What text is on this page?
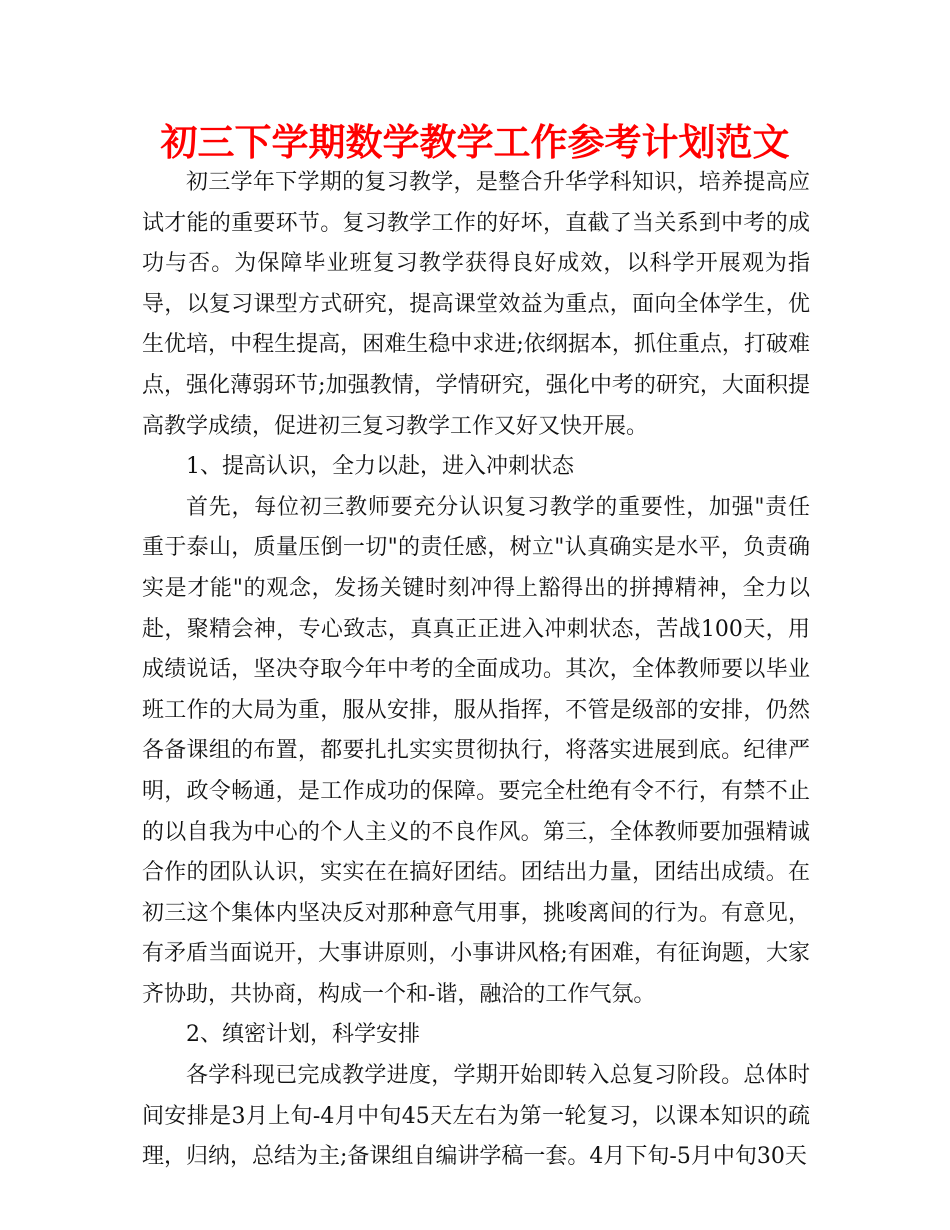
初三下学期数学教学工作参考计划范文

初三学年下学期的复习教学，是整合升华学科知识，培养提高应试才能的重要环节。复习教学工作的好坏，直截了当关系到中考的成功与否。为保障毕业班复习教学获得良好成效，以科学开展观为指导，以复习课型方式研究，提高课堂效益为重点，面向全体学生，优生优培，中程生提高，困难生稳中求进;依纲据本，抓住重点，打破难点，强化薄弱环节;加强教情，学情研究，强化中考的研究，大面积提高教学成绩，促进初三复习教学工作又好又快开展。

1、提高认识，全力以赴，进入冲刺状态

首先，每位初三教师要充分认识复习教学的重要性，加强"责任重于泰山，质量压倒一切"的责任感，树立"认真确实是水平，负责确实是才能"的观念，发扬关键时刻冲得上豁得出的拼搏精神，全力以赴，聚精会神，专心致志，真真正正进入冲刺状态，苦战100天，用成绩说话，坚决夺取今年中考的全面成功。其次，全体教师要以毕业班工作的大局为重，服从安排，服从指挥，不管是级部的安排，仍然各备课组的布置，都要扎扎实实贯彻执行，将落实进展到底。纪律严明，政令畅通，是工作成功的保障。要完全杜绝有令不行，有禁不止的以自我为中心的个人主义的不良作风。第三，全体教师要加强精诚合作的团队认识，实实在在搞好团结。团结出力量，团结出成绩。在初三这个集体内坚决反对那种意气用事，挑唆离间的行为。有意见，有矛盾当面说开，大事讲原则，小事讲风格;有困难，有征询题，大家齐协助，共协商，构成一个和-谐，融洽的工作气氛。

2、缜密计划，科学安排

各学科现已完成教学进度，学期开始即转入总复习阶段。总体时间安排是3月上旬-4月中旬45天左右为第一轮复习，以课本知识的疏理，归纳，总结为主;备课组自编讲学稿一套。4月下旬-5月中旬30天
